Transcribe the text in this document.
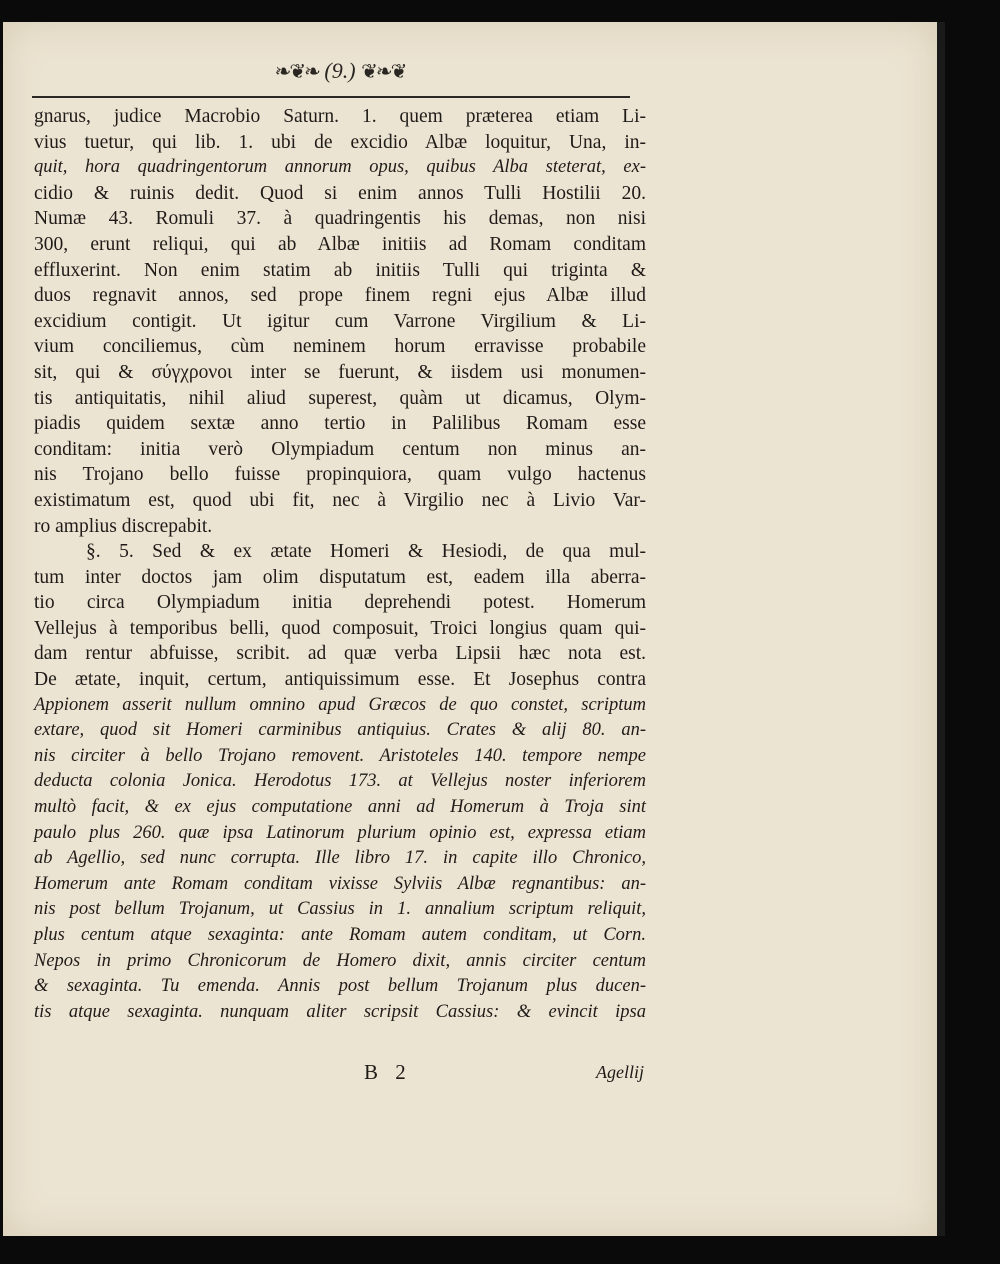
❧❦❧ (9.) ❦❧❦
gnarus, judice Macrobio Saturn. 1. quem præterea etiam Li-
vius tuetur, qui lib. 1. ubi de excidio Albæ loquitur, Una, in-
quit, hora quadringentorum annorum opus, quibus Alba steterat, ex-
cidio & ruinis dedit. Quod si enim annos Tulli Hostilii 20.
Numæ 43. Romuli 37. à quadringentis his demas, non nisi
300, erunt reliqui, qui ab Albæ initiis ad Romam conditam
effluxerint. Non enim statim ab initiis Tulli qui triginta &
duos regnavit annos, sed prope finem regni ejus Albæ illud
excidium contigit. Ut igitur cum Varrone Virgilium & Li-
vium conciliemus, cùm neminem horum erravisse probabile
sit, qui & σύγχρονοι inter se fuerunt, & iisdem usi monumen-
tis antiquitatis, nihil aliud superest, quàm ut dicamus, Olym-
piadis quidem sextæ anno tertio in Palilibus Romam esse
conditam: initia verò Olympiadum centum non minus an-
nis Trojano bello fuisse propinquiora, quam vulgo hactenus
existimatum est, quod ubi fit, nec à Virgilio nec à Livio Var-
ro amplius discrepabit.
§. 5. Sed & ex ætate Homeri & Hesiodi, de qua mul-
tum inter doctos jam olim disputatum est, eadem illa aberra-
tio circa Olympiadum initia deprehendi potest. Homerum
Vellejus à temporibus belli, quod composuit, Troici longius quam qui-
dam rentur abfuisse, scribit. ad quæ verba Lipsii hæc nota est.
De ætate, inquit, certum, antiquissimum esse. Et Josephus contra
Appionem asserit nullum omnino apud Græcos de quo constet, scriptum
extare, quod sit Homeri carminibus antiquius. Crates & alij 80. an-
nis circiter à bello Trojano removent. Aristoteles 140. tempore nempe
deducta colonia Jonica. Herodotus 173. at Vellejus noster inferiorem
multò facit, & ex ejus computatione anni ad Homerum à Troja sint
paulo plus 260. quæ ipsa Latinorum plurium opinio est, expressa etiam
ab Agellio, sed nunc corrupta. Ille libro 17. in capite illo Chronico,
Homerum ante Romam conditam vixisse Sylviis Albæ regnantibus: an-
nis post bellum Trojanum, ut Cassius in 1. annalium scriptum reliquit,
plus centum atque sexaginta: ante Romam autem conditam, ut Corn.
Nepos in primo Chronicorum de Homero dixit, annis circiter centum
& sexaginta. Tu emenda. Annis post bellum Trojanum plus ducen-
tis atque sexaginta. nunquam aliter scripsit Cassius: & evincit ipsa
B 2	Agellij
